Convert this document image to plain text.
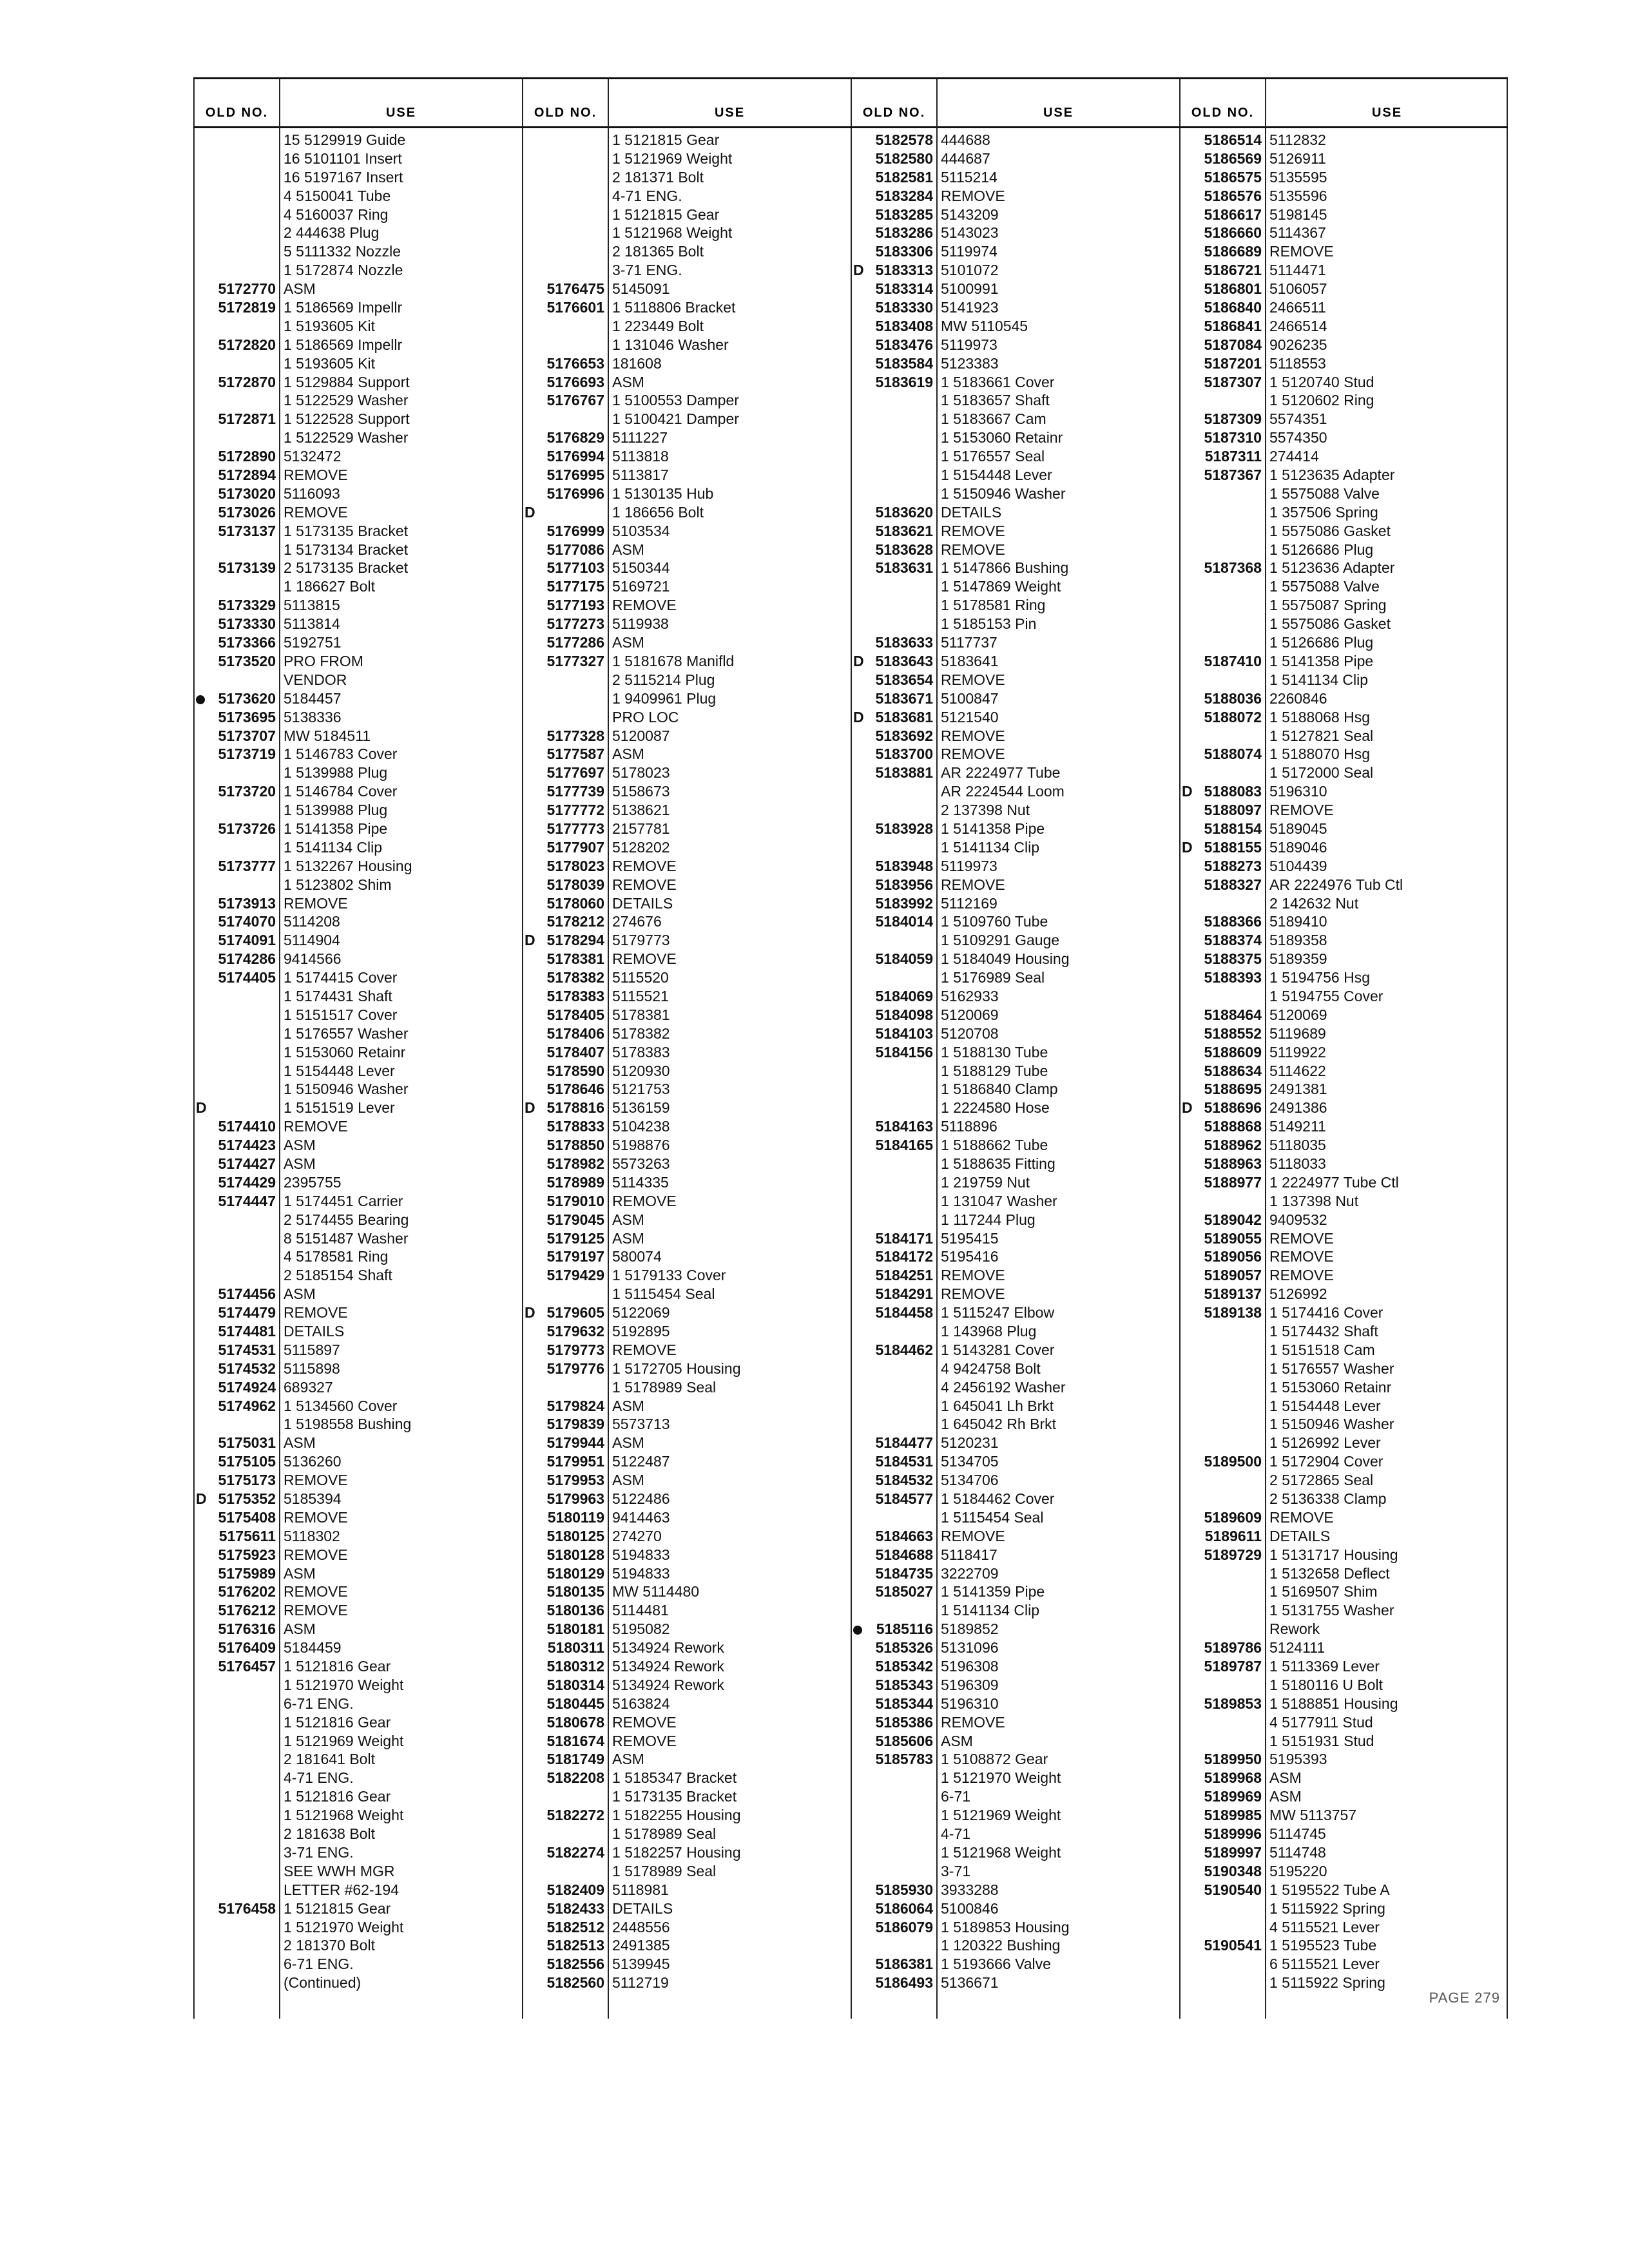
OLD NO.	USE
15 5129919 Guide
16 5101101 Insert
16 5197167 Insert
4 5150041 Tube
4 5160037 Ring
2 444638 Plug
5 5111332 Nozzle
1 5172874 Nozzle
5172770 ASM
5172819 1 5186569 Impellr
1 5193605 Kit
5172820 1 5186569 Impellr
1 5193605 Kit
5172870 1 5129884 Support
1 5122529 Washer
5172871 1 5122528 Support
1 5122529 Washer
5172890 5132472
5172894 REMOVE
5173020 5116093
5173026 REMOVE
5173137 1 5173135 Bracket
1 5173134 Bracket
5173139 2 5173135 Bracket
1 186627 Bolt
5173329 5113815
5173330 5113814
5173366 5192751
5173520 PRO FROM
VENDOR
5173620 5184457
5173695 5138336
5173707 MW 5184511
5173719 1 5146783 Cover
1 5139988 Plug
5173720 1 5146784 Cover
1 5139988 Plug
5173726 1 5141358 Pipe
1 5141134 Clip
5173777 1 5132267 Housing
1 5123802 Shim
5173913 REMOVE
5174070 5114208
5174091 5114904
5174286 9414566
5174405 1 5174415 Cover
1 5174431 Shaft
1 5151517 Cover
1 5176557 Washer
1 5153060 Retainr
1 5154448 Lever
1 5150946 Washer
D	1 5151519 Lever
5174410 REMOVE
5174423 ASM
5174427 ASM
5174429 2395755
5174447 1 5174451 Carrier
2 5174455 Bearing
8 5151487 Washer
4 5178581 Ring
2 5185154 Shaft
5174456 ASM
5174479 REMOVE
5174481 DETAILS
5174531 5115897
5174532 5115898
5174924 689327
5174962 1 5134560 Cover
1 5198558 Bushing
5175031 ASM
5175105 5136260
5175173 REMOVE
D 5175352 5185394
5175408 REMOVE
5175611 5118302
5175923 REMOVE
5175989 ASM
5176202 REMOVE
5176212 REMOVE
5176316 ASM
5176409 5184459
5176457 1 5121816 Gear
1 5121970 Weight
6-71 ENG.
1 5121816 Gear
1 5121969 Weight
2 181641 Bolt
4-71 ENG.
1 5121816 Gear
1 5121968 Weight
2 181638 Bolt
3-71 ENG.
SEE WWH MGR
LETTER #62-194
5176458 1 5121815 Gear
1 5121970 Weight
2 181370 Bolt
6-71 ENG.
(Continued)
OLD NO.	USE
1 5121815 Gear
1 5121969 Weight
2 181371 Bolt
4-71 ENG.
1 5121815 Gear
1 5121968 Weight
2 181365 Bolt
3-71 ENG.
5176475 5145091
5176601 1 5118806 Bracket
1 223449 Bolt
1 131046 Washer
5176653 181608
5176693 ASM
5176767 1 5100553 Damper
1 5100421 Damper
5176829 5111227
5176994 5113818
5176995 5113817
5176996 1 5130135 Hub
D	1 186656 Bolt
5176999 5103534
5177086 ASM
5177103 5150344
5177175 5169721
5177193 REMOVE
5177273 5119938
5177286 ASM
5177327 1 5181678 Manifld
2 5115214 Plug
1 9409961 Plug
PRO LOC
5177328 5120087
5177587 ASM
5177697 5178023
5177739 5158673
5177772 5138621
5177773 2157781
5177907 5128202
5178023 REMOVE
5178039 REMOVE
5178060 DETAILS
5178212 274676
D 5178294 5179773
5178381 REMOVE
5178382 5115520
5178383 5115521
5178405 5178381
5178406 5178382
5178407 5178383
5178590 5120930
5178646 5121753
D 5178816 5136159
5178833 5104238
5178850 5198876
5178982 5573263
5178989 5114335
5179010 REMOVE
5179045 ASM
5179125 ASM
5179197 580074
5179429 1 5179133 Cover
1 5115454 Seal
D 5179605 5122069
5179632 5192895
5179773 REMOVE
5179776 1 5172705 Housing
1 5178989 Seal
5179824 ASM
5179839 5573713
5179944 ASM
5179951 5122487
5179953 ASM
5179963 5122486
5180119 9414463
5180125 274270
5180128 5194833
5180129 5194833
5180135 MW 5114480
5180136 5114481
5180181 5195082
5180311 5134924 Rework
5180312 5134924 Rework
5180314 5134924 Rework
5180445 5163824
5180678 REMOVE
5181674 REMOVE
5181749 ASM
5182208 1 5185347 Bracket
1 5173135 Bracket
5182272 1 5182255 Housing
1 5178989 Seal
5182274 1 5182257 Housing
1 5178989 Seal
5182409 5118981
5182433 DETAILS
5182512 2448556
5182513 2491385
5182556 5139945
5182560 5112719
OLD NO.	USE
5182578 444688
5182580 444687
5182581 5115214
5183284 REMOVE
5183285 5143209
5183286 5143023
5183306 5119974
D 5183313 5101072
5183314 5100991
5183330 5141923
5183408 MW 5110545
5183476 5119973
5183584 5123383
5183619 1 5183661 Cover
1 5183657 Shaft
1 5183667 Cam
1 5153060 Retainr
1 5176557 Seal
1 5154448 Lever
1 5150946 Washer
5183620 DETAILS
5183621 REMOVE
5183628 REMOVE
5183631 1 5147866 Bushing
1 5147869 Weight
1 5178581 Ring
1 5185153 Pin
5183633 5117737
D 5183643 5183641
5183654 REMOVE
5183671 5100847
D 5183681 5121540
5183692 REMOVE
5183700 REMOVE
5183881 AR 2224977 Tube
AR 2224544 Loom
2 137398 Nut
5183928 1 5141358 Pipe
1 5141134 Clip
5183948 5119973
5183956 REMOVE
5183992 5112169
5184014 1 5109760 Tube
1 5109291 Gauge
5184059 1 5184049 Housing
1 5176989 Seal
5184069 5162933
5184098 5120069
5184103 5120708
5184156 1 5188130 Tube
1 5188129 Tube
1 5186840 Clamp
1 2224580 Hose
5184163 5118896
5184165 1 5188662 Tube
1 5188635 Fitting
1 219759 Nut
1 131047 Washer
1 117244 Plug
5184171 5195415
5184172 5195416
5184251 REMOVE
5184291 REMOVE
5184458 1 5115247 Elbow
1 143968 Plug
5184462 1 5143281 Cover
4 9424758 Bolt
4 2456192 Washer
1 645041 Lh Brkt
1 645042 Rh Brkt
5184477 5120231
5184531 5134705
5184532 5134706
5184577 1 5184462 Cover
1 5115454 Seal
5184663 REMOVE
5184688 5118417
5184735 3222709
5185027 1 5141359 Pipe
1 5141134 Clip
5185116 5189852
5185326 5131096
5185342 5196308
5185343 5196309
5185344 5196310
5185386 REMOVE
5185606 ASM
5185783 1 5108872 Gear
1 5121970 Weight
6-71
1 5121969 Weight
4-71
1 5121968 Weight
3-71
5185930 3933288
5186064 5100846
5186079 1 5189853 Housing
1 120322 Bushing
5186381 1 5193666 Valve
5186493 5136671
OLD NO.	USE
5186514 5112832
5186569 5126911
5186575 5135595
5186576 5135596
5186617 5198145
5186660 5114367
5186689 REMOVE
5186721 5114471
5186801 5106057
5186840 2466511
5186841 2466514
5187084 9026235
5187201 5118553
5187307 1 5120740 Stud
1 5120602 Ring
5187309 5574351
5187310 5574350
5187311 274414
5187367 1 5123635 Adapter
1 5575088 Valve
1 357506 Spring
1 5575086 Gasket
1 5126686 Plug
5187368 1 5123636 Adapter
1 5575088 Valve
1 5575087 Spring
1 5575086 Gasket
1 5126686 Plug
5187410 1 5141358 Pipe
1 5141134 Clip
5188036 2260846
5188072 1 5188068 Hsg
1 5127821 Seal
5188074 1 5188070 Hsg
1 5172000 Seal
D 5188083 5196310
5188097 REMOVE
5188154 5189045
D 5188155 5189046
5188273 5104439
5188327 AR 2224976 Tub Ctl
2 142632 Nut
5188366 5189410
5188374 5189358
5188375 5189359
5188393 1 5194756 Hsg
1 5194755 Cover
5188464 5120069
5188552 5119689
5188609 5119922
5188634 5114622
5188695 2491381
D 5188696 2491386
5188868 5149211
5188962 5118035
5188963 5118033
5188977 1 2224977 Tube Ctl
1 137398 Nut
5189042 9409532
5189055 REMOVE
5189056 REMOVE
5189057 REMOVE
5189137 5126992
5189138 1 5174416 Cover
1 5174432 Shaft
1 5151518 Cam
1 5176557 Washer
1 5153060 Retainr
1 5154448 Lever
1 5150946 Washer
1 5126992 Lever
5189500 1 5172904 Cover
2 5172865 Seal
2 5136338 Clamp
5189609 REMOVE
5189611 DETAILS
5189729 1 5131717 Housing
1 5132658 Deflect
1 5169507 Shim
1 5131755 Washer
Rework
5189786 5124111
5189787 1 5113369 Lever
1 5180116 U Bolt
5189853 1 5188851 Housing
4 5177911 Stud
1 5151931 Stud
5189950 5195393
5189968 ASM
5189969 ASM
5189985 MW 5113757
5189996 5114745
5189997 5114748
5190348 5195220
5190540 1 5195522 Tube A
1 5115922 Spring
4 5115521 Lever
5190541 1 5195523 Tube
6 5115521 Lever
1 5115922 Spring
PAGE 279
